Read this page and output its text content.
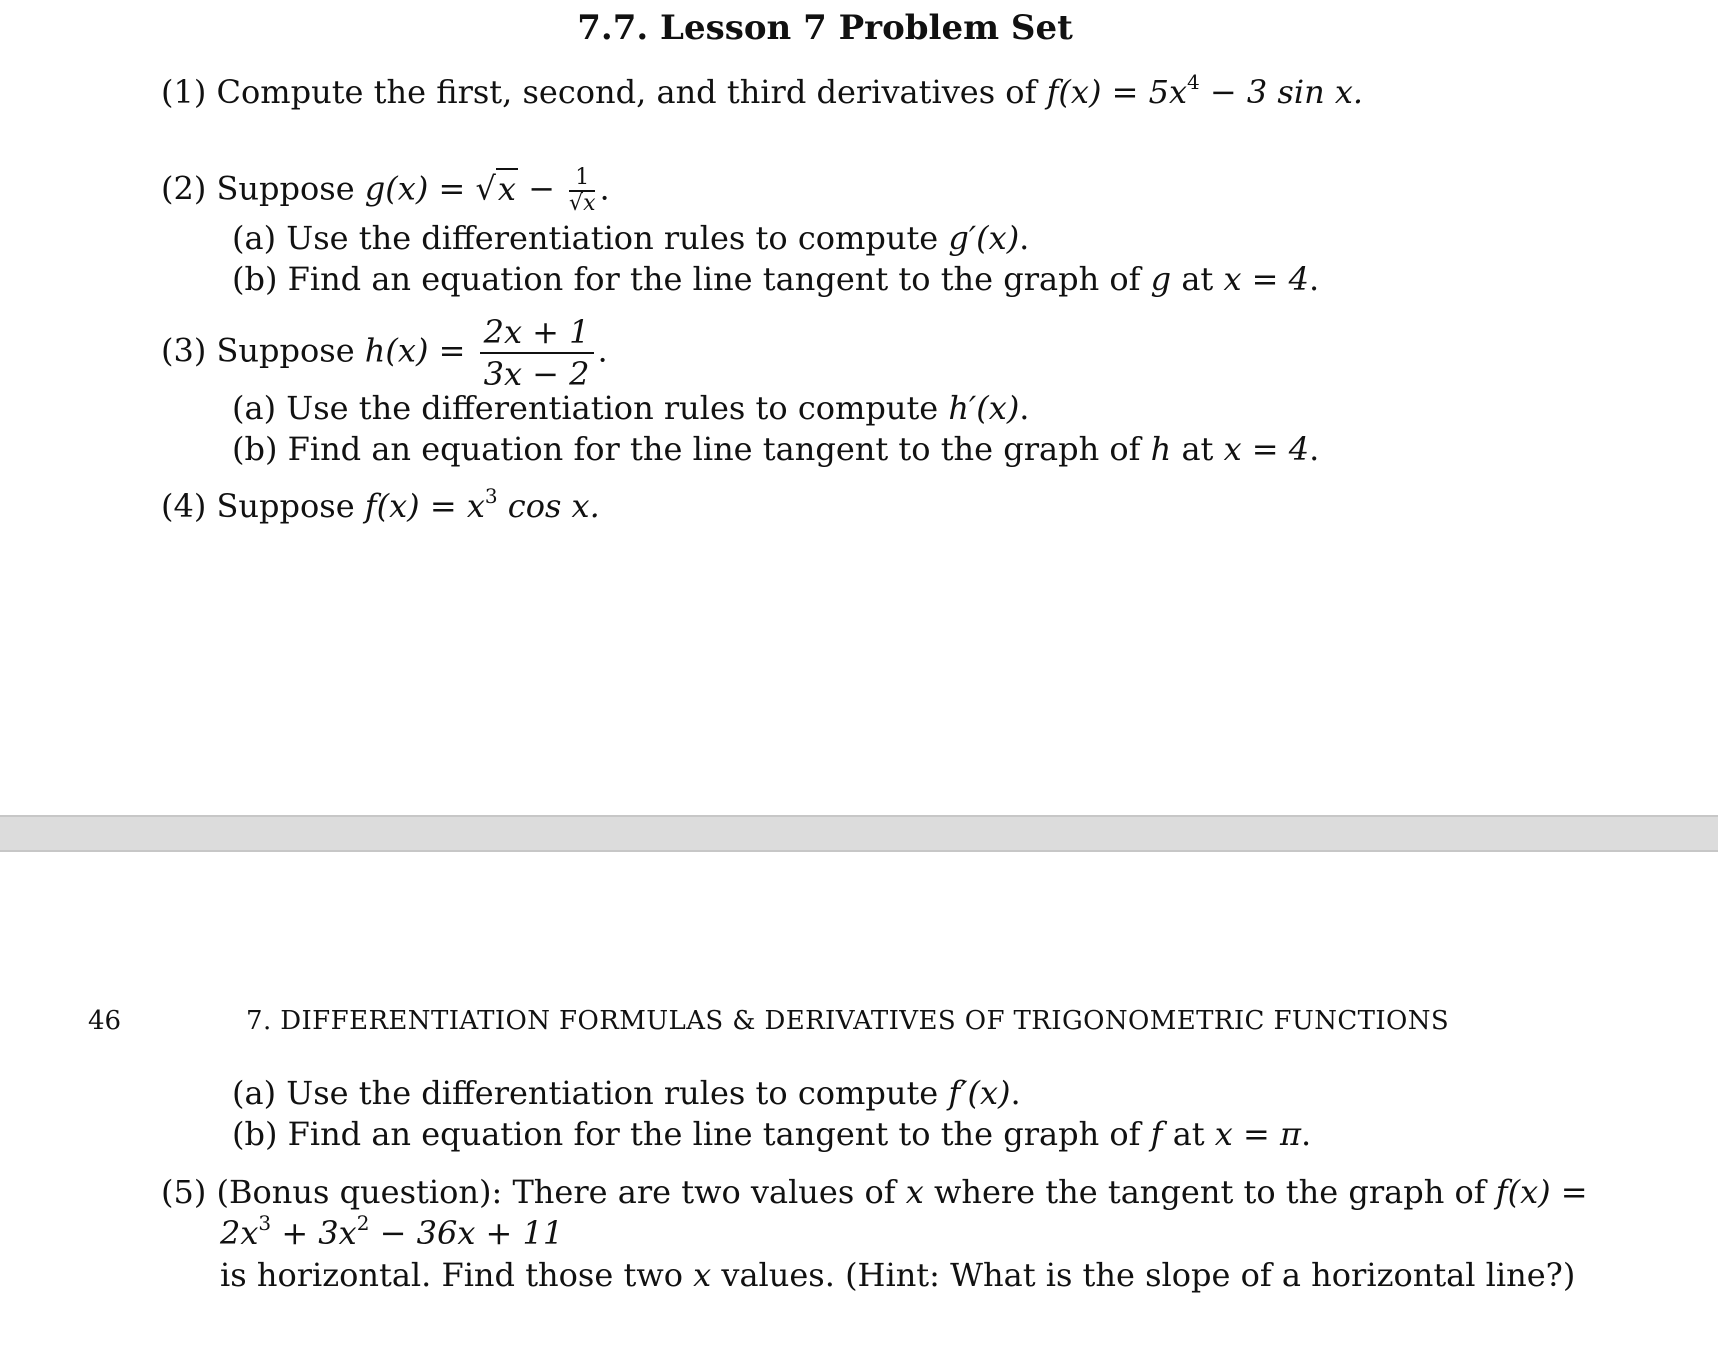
7.7. Lesson 7 Problem Set
(1) Compute the first, second, and third derivatives of $f(x) = 5x^4 - 3$ sin x.
(2) Suppose $g(x) = √x - \frac{1}{√x}$ .
(a) Use the differentiation rules to compute g′(x).
(b) Find an equation for the line tangent to the graph of g at x = 4.
(3) Suppose $h(x) = \frac{2x + 1}{3x - 2}$ .
(a) Use the differentiation rules to compute h′(x).
(b) Find an equation for the line tangent to the graph of h at x = 4.
(4) Suppose $f(x) = x^3$ cos x.
46	7. DIFFERENTIATION FORMULAS & DERIVATIVES OF TRIGONOMETRIC FUNCTIONS
(a) Use the differentiation rules to compute f′(x).
(b) Find an equation for the line tangent to the graph of f at x = π.
(5) (Bonus question): There are two values of x where the tangent to the graph of f(x) =
$2x^3 + 3x^2 - 36x + 11$
is horizontal. Find those two x values. (Hint: What is the slope of a horizontal line?)
